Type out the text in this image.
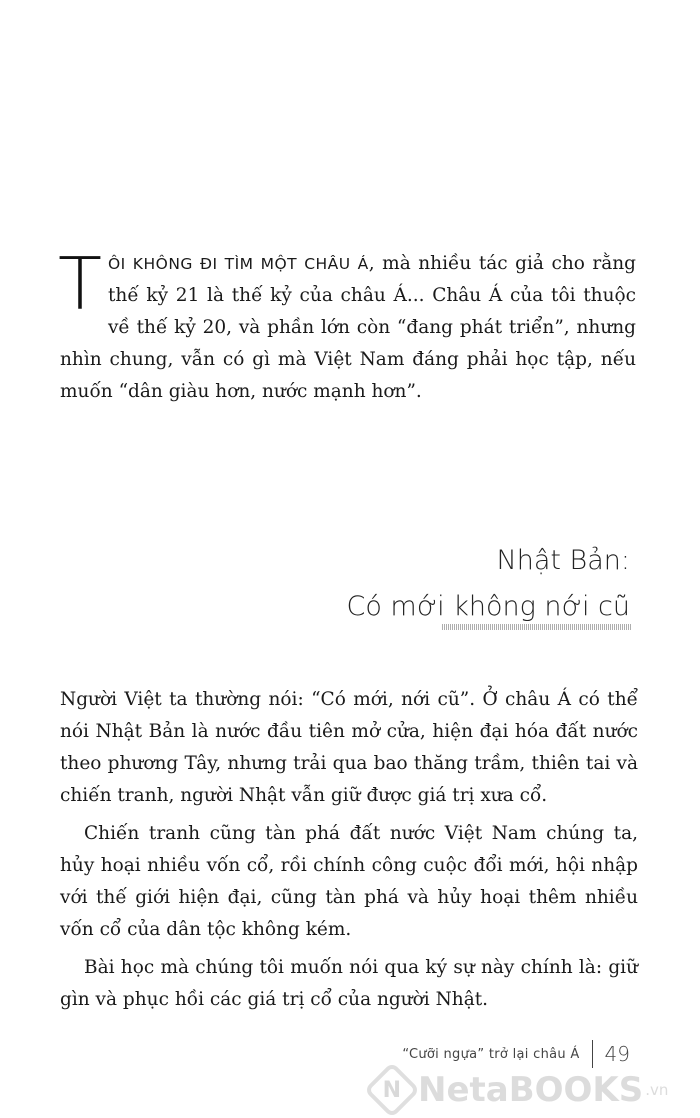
T ÔI KHÔNG ĐI TÌM MỘT CHÂU Á, mà nhiều tác giả cho rằng thế kỷ 21 là thế kỷ của châu Á... Châu Á của tôi thuộc về thế kỷ 20, và phần lớn còn “đang phát triển”, nhưng nhìn chung, vẫn có gì mà Việt Nam đáng phải học tập, nếu muốn “dân giàu hơn, nước mạnh hơn”.
Nhật Bản:
Có mới không nới cũ

Người Việt ta thường nói: “Có mới, nới cũ”. Ở châu Á có thể nói Nhật Bản là nước đầu tiên mở cửa, hiện đại hóa đất nước theo phương Tây, nhưng trải qua bao thăng trầm, thiên tai và chiến tranh, người Nhật vẫn giữ được giá trị xưa cổ.

Chiến tranh cũng tàn phá đất nước Việt Nam chúng ta, hủy hoại nhiều vốn cổ, rồi chính công cuộc đổi mới, hội nhập với thế giới hiện đại, cũng tàn phá và hủy hoại thêm nhiều vốn cổ của dân tộc không kém.

Bài học mà chúng tôi muốn nói qua ký sự này chính là: giữ gìn và phục hồi các giá trị cổ của người Nhật.

“Cưỡi ngựa” trở lại châu Á 49
N NetaBOOKS .vn
